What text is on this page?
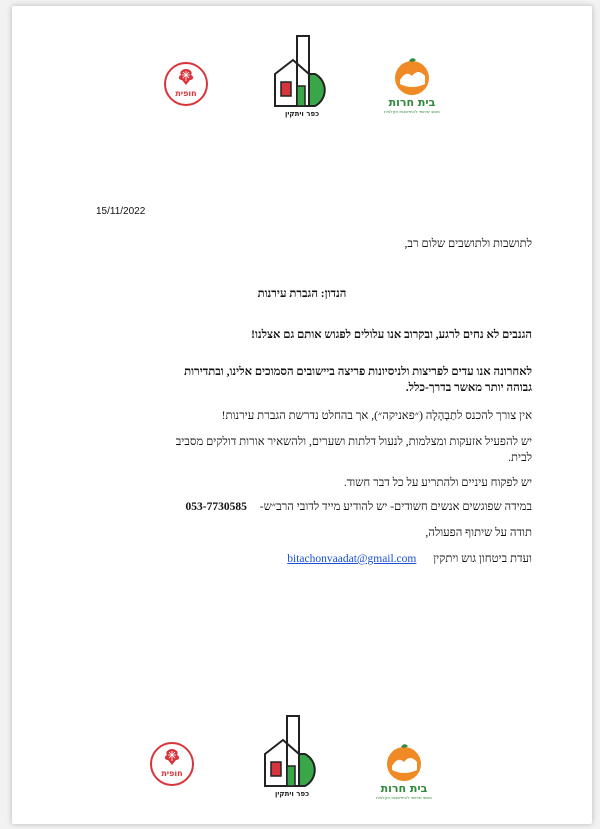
חופית
כפר ויתקין
בית חרות
מושב שיתופי להתיישבות חקלאית
15/11/2022
לתושבות ולתושבים שלום רב,
הנדון: הגברת עירנות
הגנבים לא נחים לרגע, ובקרוב אנו עלולים לפגוש אותם גם אצלנו!
לאחרונה אנו עדים לפריצות ולניסיונות פריצה ביישובים הסמוכים אלינו, ובתדירות
גבוהה יותר מאשר בדרך-כלל.
אין צורך להכנס לתַבְהָלָה (״פאניקה״), אך בהחלט נדרשת הגברת עירנות!
יש להפעיל אזעקות ומצלמות, לנעול דלתות ושערים, ולהשאיר אורות דולקים מסביב
לבית.
יש לפקוח עיניים ולהתריע על כל דבר חשוד.
במידה שפוגשים אנשים חשודים- יש להודיע מייד לדובי הרב״ש- 053-7730585
תודה על שיתוף הפעולה,
ועדת ביטחון גוש ויתקין bitachonvaadat@gmail.com
חופית
כפר ויתקין	בית חרות
מושב שיתופי להתיישבות חקלאית
